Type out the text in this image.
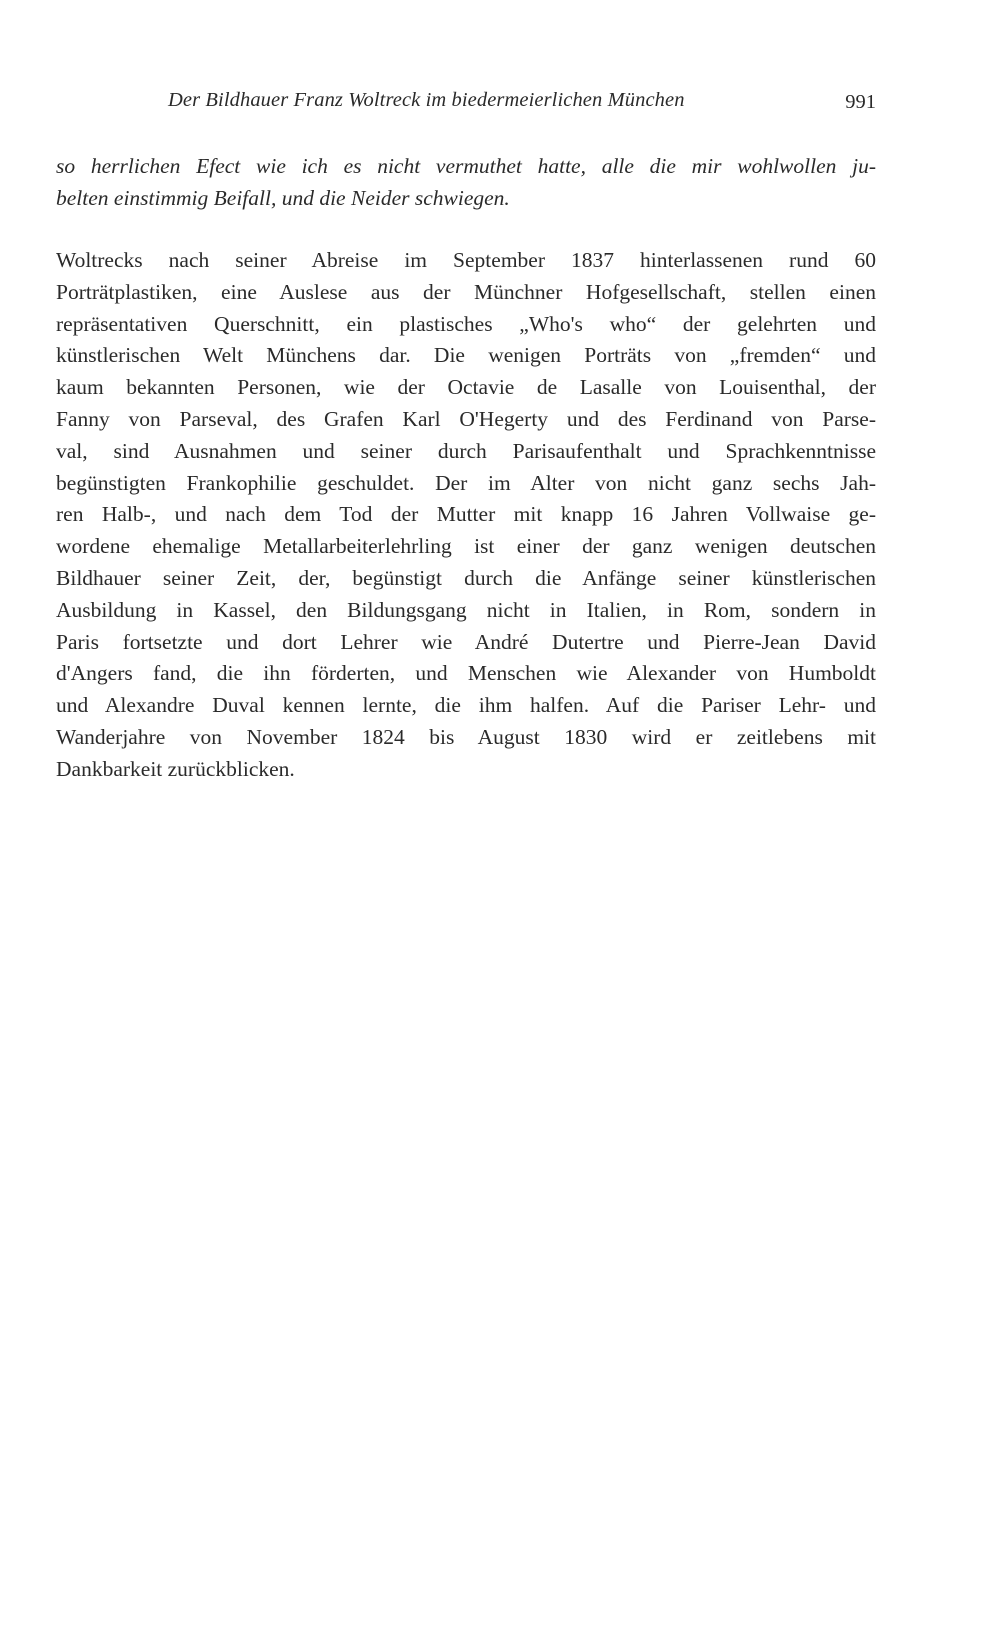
Der Bildhauer Franz Woltreck im biedermeierlichen München	991
so herrlichen Efect wie ich es nicht vermuthet hatte, alle die mir wohlwollen ju-
belten einstimmig Beifall, und die Neider schwiegen.
Woltrecks nach seiner Abreise im September 1837 hinterlassenen rund 60
Porträtplastiken, eine Auslese aus der Münchner Hofgesellschaft, stellen einen
repräsentativen Querschnitt, ein plastisches „Who's who“ der gelehrten und
künstlerischen Welt Münchens dar. Die wenigen Porträts von „fremden“ und
kaum bekannten Personen, wie der Octavie de Lasalle von Louisenthal, der
Fanny von Parseval, des Grafen Karl O'Hegerty und des Ferdinand von Parse-
val, sind Ausnahmen und seiner durch Parisaufenthalt und Sprachkenntnisse
begünstigten Frankophilie geschuldet. Der im Alter von nicht ganz sechs Jah-
ren Halb-, und nach dem Tod der Mutter mit knapp 16 Jahren Vollwaise ge-
wordene ehemalige Metallarbeiterlehrling ist einer der ganz wenigen deutschen
Bildhauer seiner Zeit, der, begünstigt durch die Anfänge seiner künstlerischen
Ausbildung in Kassel, den Bildungsgang nicht in Italien, in Rom, sondern in
Paris fortsetzte und dort Lehrer wie André Dutertre und Pierre-Jean David
d'Angers fand, die ihn förderten, und Menschen wie Alexander von Humboldt
und Alexandre Duval kennen lernte, die ihm halfen. Auf die Pariser Lehr- und
Wanderjahre von November 1824 bis August 1830 wird er zeitlebens mit
Dankbarkeit zurückblicken.
